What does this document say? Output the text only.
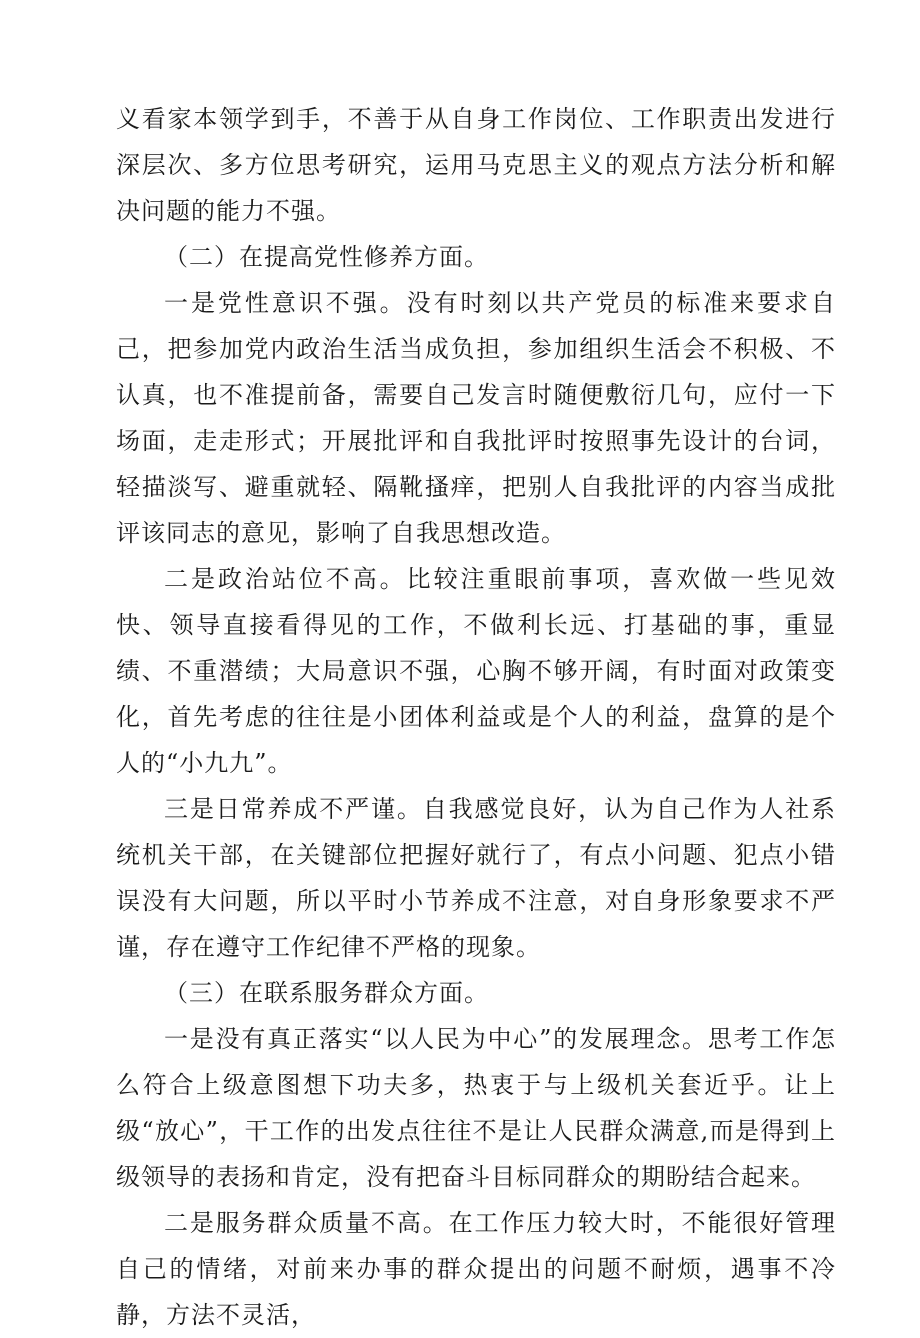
义看家本领学到手，不善于从自身工作岗位、工作职责出发进行深层次、多方位思考研究，运用马克思主义的观点方法分析和解决问题的能力不强。

（二）在提高党性修养方面。

一是党性意识不强。没有时刻以共产党员的标准来要求自己，把参加党内政治生活当成负担，参加组织生活会不积极、不认真，也不准提前备，需要自己发言时随便敷衍几句，应付一下场面，走走形式；开展批评和自我批评时按照事先设计的台词，轻描淡写、避重就轻、隔靴搔痒，把别人自我批评的内容当成批评该同志的意见，影响了自我思想改造。

二是政治站位不高。比较注重眼前事项，喜欢做一些见效快、领导直接看得见的工作，不做利长远、打基础的事，重显绩、不重潜绩；大局意识不强，心胸不够开阔，有时面对政策变化，首先考虑的往往是小团体利益或是个人的利益，盘算的是个人的“小九九”。

三是日常养成不严谨。自我感觉良好，认为自己作为人社系统机关干部，在关键部位把握好就行了，有点小问题、犯点小错误没有大问题，所以平时小节养成不注意，对自身形象要求不严谨，存在遵守工作纪律不严格的现象。

（三）在联系服务群众方面。

一是没有真正落实“以人民为中心”的发展理念。思考工作怎么符合上级意图想下功夫多，热衷于与上级机关套近乎。让上级“放心”，干工作的出发点往往不是让人民群众满意,而是得到上级领导的表扬和肯定，没有把奋斗目标同群众的期盼结合起来。

二是服务群众质量不高。在工作压力较大时，不能很好管理自己的情绪，对前来办事的群众提出的问题不耐烦，遇事不冷静，方法不灵活，
